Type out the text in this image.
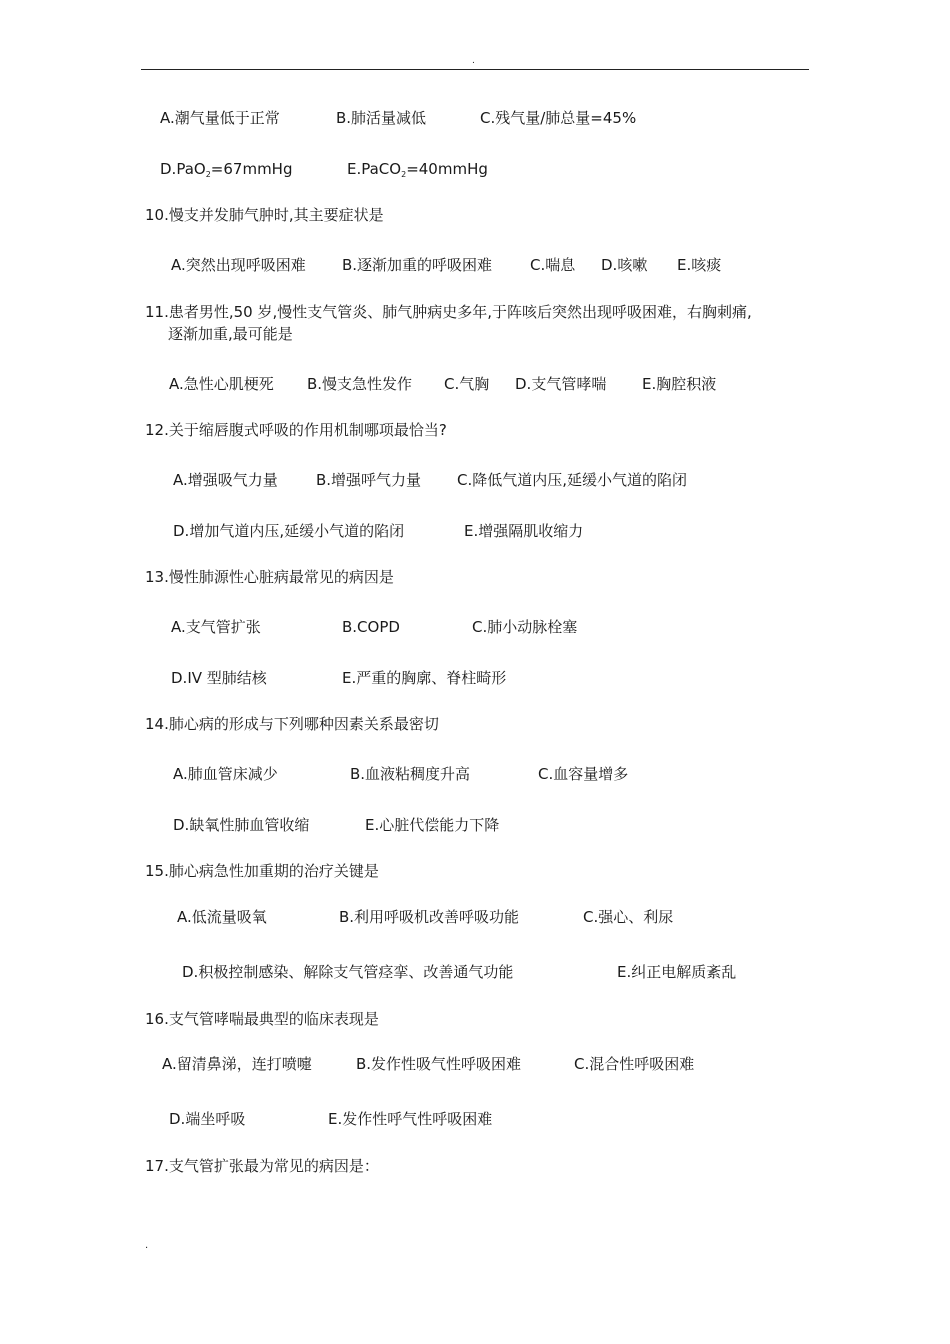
.
A.潮气量低于正常	B.肺活量减低	C.残气量/肺总量=45%
D.PaO$_2$=67mmHg	E.PaCO$_2$=40mmHg
10.慢支并发肺气肿时,其主要症状是
A.突然出现呼吸困难 B.逐渐加重的呼吸困难	C.喘息 D.咳嗽 E.咳痰
11.患者男性,50 岁,慢性支气管炎、肺气肿病史多年,于阵咳后突然出现呼吸困难，右胸刺痛,
逐渐加重,最可能是
A.急性心肌梗死 B.慢支急性发作 C.气胸 D.支气管哮喘 E.胸腔积液
12.关于缩唇腹式呼吸的作用机制哪项最恰当?
A.增强吸气力量	B.增强呼气力量 C.降低气道内压,延缓小气道的陷闭
D.增加气道内压,延缓小气道的陷闭	E.增强隔肌收缩力
13.慢性肺源性心脏病最常见的病因是
A.支气管扩张	B.COPD	C.肺小动脉栓塞
D.IV 型肺结核	E.严重的胸廓、脊柱畸形
14.肺心病的形成与下列哪种因素关系最密切
A.肺血管床减少	B.血液粘稠度升高	C.血容量增多
D.缺氧性肺血管收缩	E.心脏代偿能力下降
15.肺心病急性加重期的治疗关键是
A.低流量吸氧	B.利用呼吸机改善呼吸功能	C.强心、利尿
D.积极控制感染、解除支气管痉挛、改善通气功能	E.纠正电解质紊乱
16.支气管哮喘最典型的临床表现是
A.留清鼻涕，连打喷嚏	B.发作性吸气性呼吸困难	C.混合性呼吸困难
D.端坐呼吸	E.发作性呼气性呼吸困难
17.支气管扩张最为常见的病因是：
.
